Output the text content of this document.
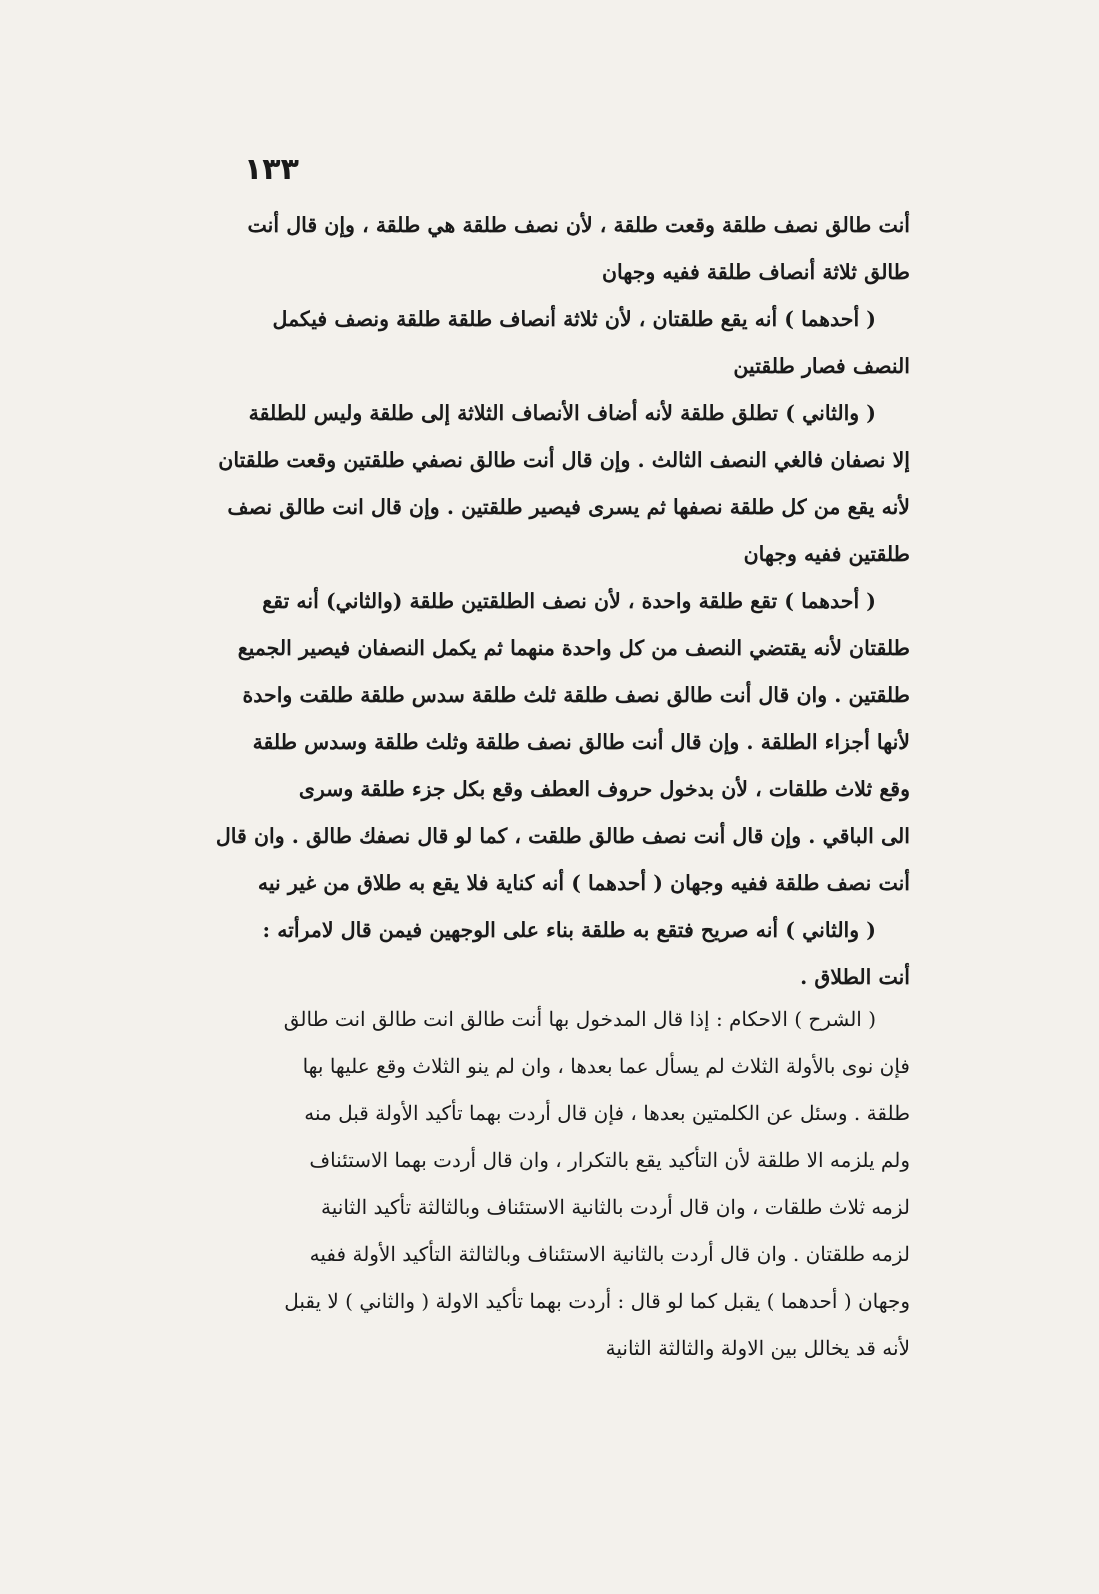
١٣٣
أنت طالق نصف طلقة وقعت طلقة ، لأن نصف طلقة هي طلقة ، وإن قال أنت
طالق ثلاثة أنصاف طلقة ففيه وجهان
( أحدهما ) أنه يقع طلقتان ، لأن ثلاثة أنصاف طلقة طلقة ونصف فيكمل
النصف فصار طلقتين
( والثاني ) تطلق طلقة لأنه أضاف الأنصاف الثلاثة إلى طلقة وليس للطلقة
إلا نصفان فالغي النصف الثالث . وإن قال أنت طالق نصفي طلقتين وقعت طلقتان
لأنه يقع من كل طلقة نصفها ثم يسرى فيصير طلقتين . وإن قال انت طالق نصف
طلقتين ففيه وجهان
( أحدهما ) تقع طلقة واحدة ، لأن نصف الطلقتين طلقة (والثاني) أنه تقع
طلقتان لأنه يقتضي النصف من كل واحدة منهما ثم يكمل النصفان فيصير الجميع
طلقتين . وان قال أنت طالق نصف طلقة ثلث طلقة سدس طلقة طلقت واحدة
لأنها أجزاء الطلقة . وإن قال أنت طالق نصف طلقة وثلث طلقة وسدس طلقة
وقع ثلاث طلقات ، لأن بدخول حروف العطف وقع بكل جزء طلقة وسرى
الى الباقي . وإن قال أنت نصف طالق طلقت ، كما لو قال نصفك طالق . وان قال
أنت نصف طلقة ففيه وجهان ( أحدهما ) أنه كناية فلا يقع به طلاق من غير نيه
( والثاني ) أنه صريح فتقع به طلقة بناء على الوجهين فيمن قال لامرأته :
أنت الطلاق .
( الشرح ) الاحكام : إذا قال المدخول بها أنت طالق انت طالق انت طالق
فإن نوى بالأولة الثلاث لم يسأل عما بعدها ، وان لم ينو الثلاث وقع عليها بها
طلقة . وسئل عن الكلمتين بعدها ، فإن قال أردت بهما تأكيد الأولة قبل منه
ولم يلزمه الا طلقة لأن التأكيد يقع بالتكرار ، وان قال أردت بهما الاستئناف
لزمه ثلاث طلقات ، وان قال أردت بالثانية الاستئناف وبالثالثة تأكيد الثانية
لزمه طلقتان . وان قال أردت بالثانية الاستئناف وبالثالثة التأكيد الأولة ففيه
وجهان ( أحدهما ) يقبل كما لو قال : أردت بهما تأكيد الاولة ( والثاني ) لا يقبل
لأنه قد يخالل بين الاولة والثالثة الثانية
